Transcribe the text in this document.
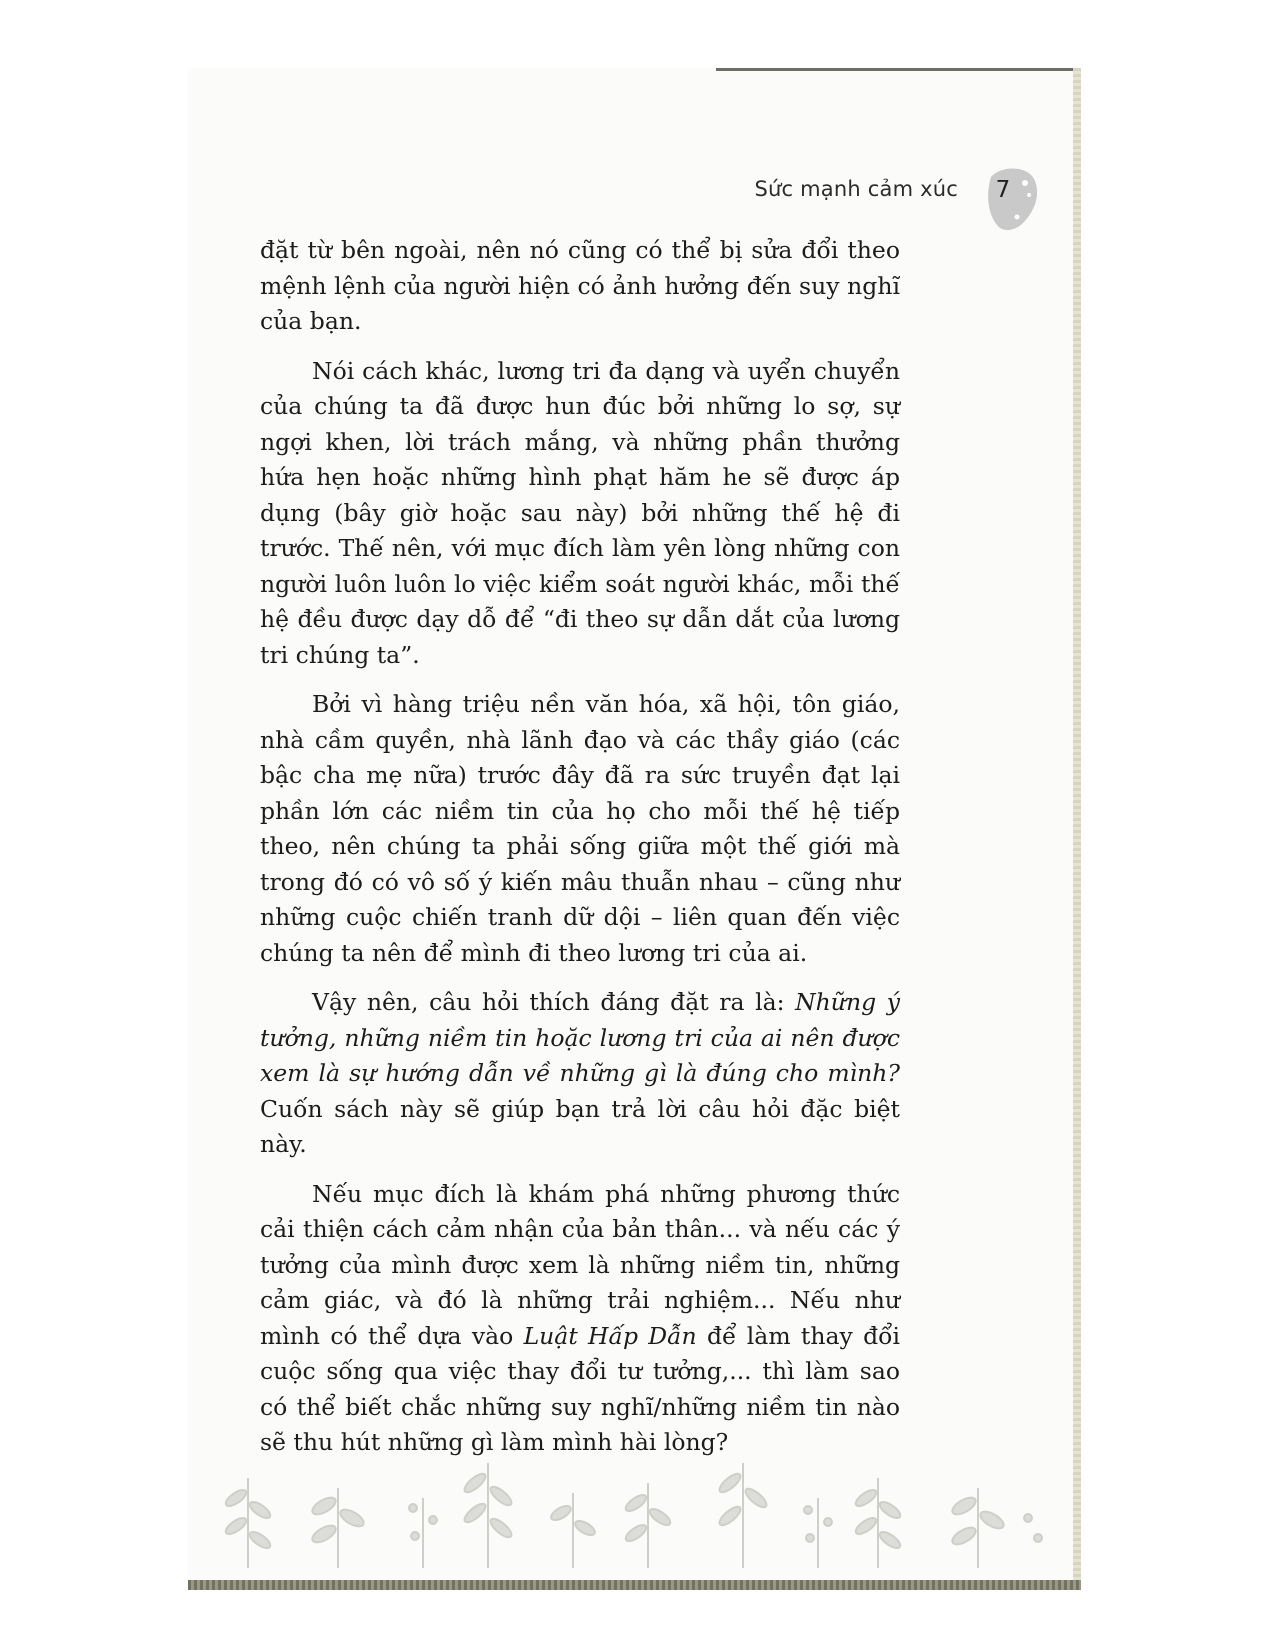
Sức mạnh cảm xúc 7

đặt từ bên ngoài, nên nó cũng có thể bị sửa đổi theo mệnh lệnh của người hiện có ảnh hưởng đến suy nghĩ của bạn.

Nói cách khác, lương tri đa dạng và uyển chuyển của chúng ta đã được hun đúc bởi những lo sợ, sự ngợi khen, lời trách mắng, và những phần thưởng hứa hẹn hoặc những hình phạt hăm he sẽ được áp dụng (bây giờ hoặc sau này) bởi những thế hệ đi trước. Thế nên, với mục đích làm yên lòng những con người luôn luôn lo việc kiểm soát người khác, mỗi thế hệ đều được dạy dỗ để “đi theo sự dẫn dắt của lương tri chúng ta”.

Bởi vì hàng triệu nền văn hóa, xã hội, tôn giáo, nhà cầm quyền, nhà lãnh đạo và các thầy giáo (các bậc cha mẹ nữa) trước đây đã ra sức truyền đạt lại phần lớn các niềm tin của họ cho mỗi thế hệ tiếp theo, nên chúng ta phải sống giữa một thế giới mà trong đó có vô số ý kiến mâu thuẫn nhau – cũng như những cuộc chiến tranh dữ dội – liên quan đến việc chúng ta nên để mình đi theo lương tri của ai.

Vậy nên, câu hỏi thích đáng đặt ra là: Những ý tưởng, những niềm tin hoặc lương tri của ai nên được xem là sự hướng dẫn về những gì là đúng cho mình? Cuốn sách này sẽ giúp bạn trả lời câu hỏi đặc biệt này.

Nếu mục đích là khám phá những phương thức cải thiện cách cảm nhận của bản thân... và nếu các ý tưởng của mình được xem là những niềm tin, những cảm giác, và đó là những trải nghiệm... Nếu như mình có thể dựa vào Luật Hấp Dẫn để làm thay đổi cuộc sống qua việc thay đổi tư tưởng,... thì làm sao có thể biết chắc những suy nghĩ/những niềm tin nào sẽ thu hút những gì làm mình hài lòng?
